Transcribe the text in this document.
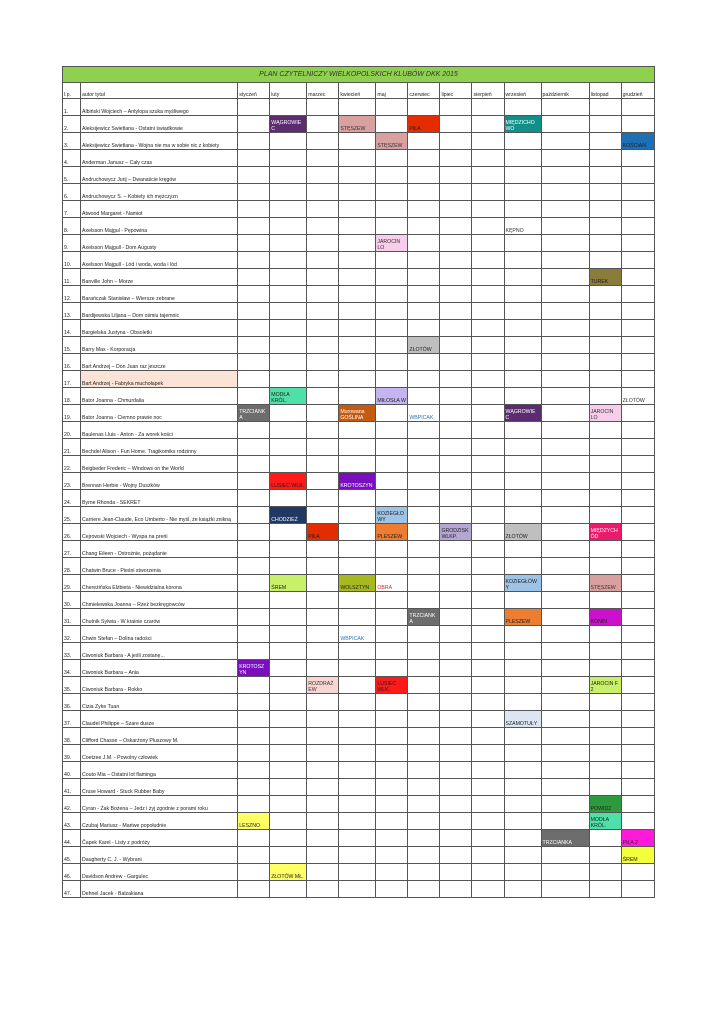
PLAN CZYTELNICZY WIELKOPOLSKICH KLUBÓW DKK 2015													
l.p.	autor tytuł	styczeń	luty	marzec	kwiecień	maj	czerwiec	lipiec	sierpień	wrzesień	październik	listopad	grudzień
1.	Albiński Wojciech – Antylopa szuka myśliwego												
2.	Aleksijewicz Swietlana - Ostatni świadkowie		WĄGROWIE C		STĘSZEW		PIŁA			MIĘDZICHO WO			
3.	Aleksijewicz Swietlana - Wojna nie ma w sobie nic z kobiety					STĘSZEW							KOŚCIAN
4.	Anderman Janusz – Cały czas												
5.	Andruchowycz Jurij – Dwanaście kręgów												
6.	Andruchowycz S. – Kobiety ich mężczyzn												
7.	Atwood Margaret - Namiot												
8.	Axelsson Majgul - Pępowina									KĘPNO			
9.	Axelsson Majgull - Dom Augusty					JAROCIN LO							
10.	Axelsson Majgull - Lód i woda, woda i lód												
11.	Banville John – Morze											TUREK	
12.	Barańczak Stanisław – Wiersze zebrane												
13.	Bardijewska Liljana – Dom ośmiu tajemnic												
14.	Bargielska Justyna - Obsoletki												
15.	Barry Max - Korporacja						ZŁOTÓW						
16.	Bart Andrzej – Don Juan raz jeszcze												
17.	Bart Andrzej - Fabryka muchołapek												
18.	Bator Joanna - Chmurdalia		MODŁA KRÓL.			MIŁOSŁA W							ZŁOTÓW
19.	Bator Joanna - Ciemno prawie noc	TRZCIANK A			Murowana GOŚLINA		WBPICAK			WĄGROWIE C		JAROCIN LO	
20.	Baulenas Lluis - Anton - Za worek kości												
21.	Bechdel Alison - Fun Home. Tragikomiks rodzinny												
22.	Beigbeder Frederic – Windows on the World												
23.	Brennan Herbie - Wojny Duszków		LUSIEC WLK.		KROTOSZYN								
24.	Byrne Rhonda - SEKRET												
25.	Carriere Jean-Claude, Eco Umberto - Nie myśl, że książki znikną		CHODZIEŻ			KOZIEGŁO WY							
26.	Cejrowski Wojciech - Wyspa na prerii			PIŁA		PLESZEW		GRODZISK WLKP.		ZŁOTÓW		MIĘDZYCH ÓD	
27.	Chang Eileen - Ostrożnie, pożądanie												
28.	Chatwin Bruce - Pieśni stworzenia												
29.	Chereżińska Elżbieta - Niewidzialna korona		ŚREM		WOLSZTYN	OBRA				KOZIEGŁÓW Y		STĘSZEW	
30.	Chmielewska Joanna – Rzeź bezkręgowców												
31.	Chutnik Sylwia - W krainie czarów						TRZCIANK A			PLESZEW		KONIN	
32.	Chwin Stefan – Dolina radości				WBPICAK								
33.	Ciwoniuk Barbara - A jeśli zostanę...												
34.	Ciwoniuk Barbara – Ania	KROTOSZ YN											
35.	Ciwoniuk Barbara - Rokko			ROZDRAŻ EW		LUSIEC WLK.						JAROCIN F 2	
36.	Cizia Zyke Tuan												
37.	Claudel Philippe – Szare dusze									SZAMOTUŁY			
38.	Clifford Chasse – Oskarżony Pluszowy M.												
39.	Coetzee J.M. - Powolny człowiek												
40.	Couto Mia – Ostatni lot flaminga												
41.	Cruse Howard - Stuck Rubber Baby												
42.	Cyran - Żak Bożena – Jedz i żyj zgodnie z porami roku											POWIDZ	
43.	Czubaj Mariusz - Martwe popołudnie	LESZNO										MODŁA KRÓL.	
44.	Čapek Karel - Listy z podróży										TRZCIANKA		PIŁA 2
45.	Daugherty C. J. - Wybrani												ŚREM
46.	Davidson Andrew - Gargulec		ZŁOTÓW MŁ.										
47.	Dehnel Jacek - Balzakiana												
